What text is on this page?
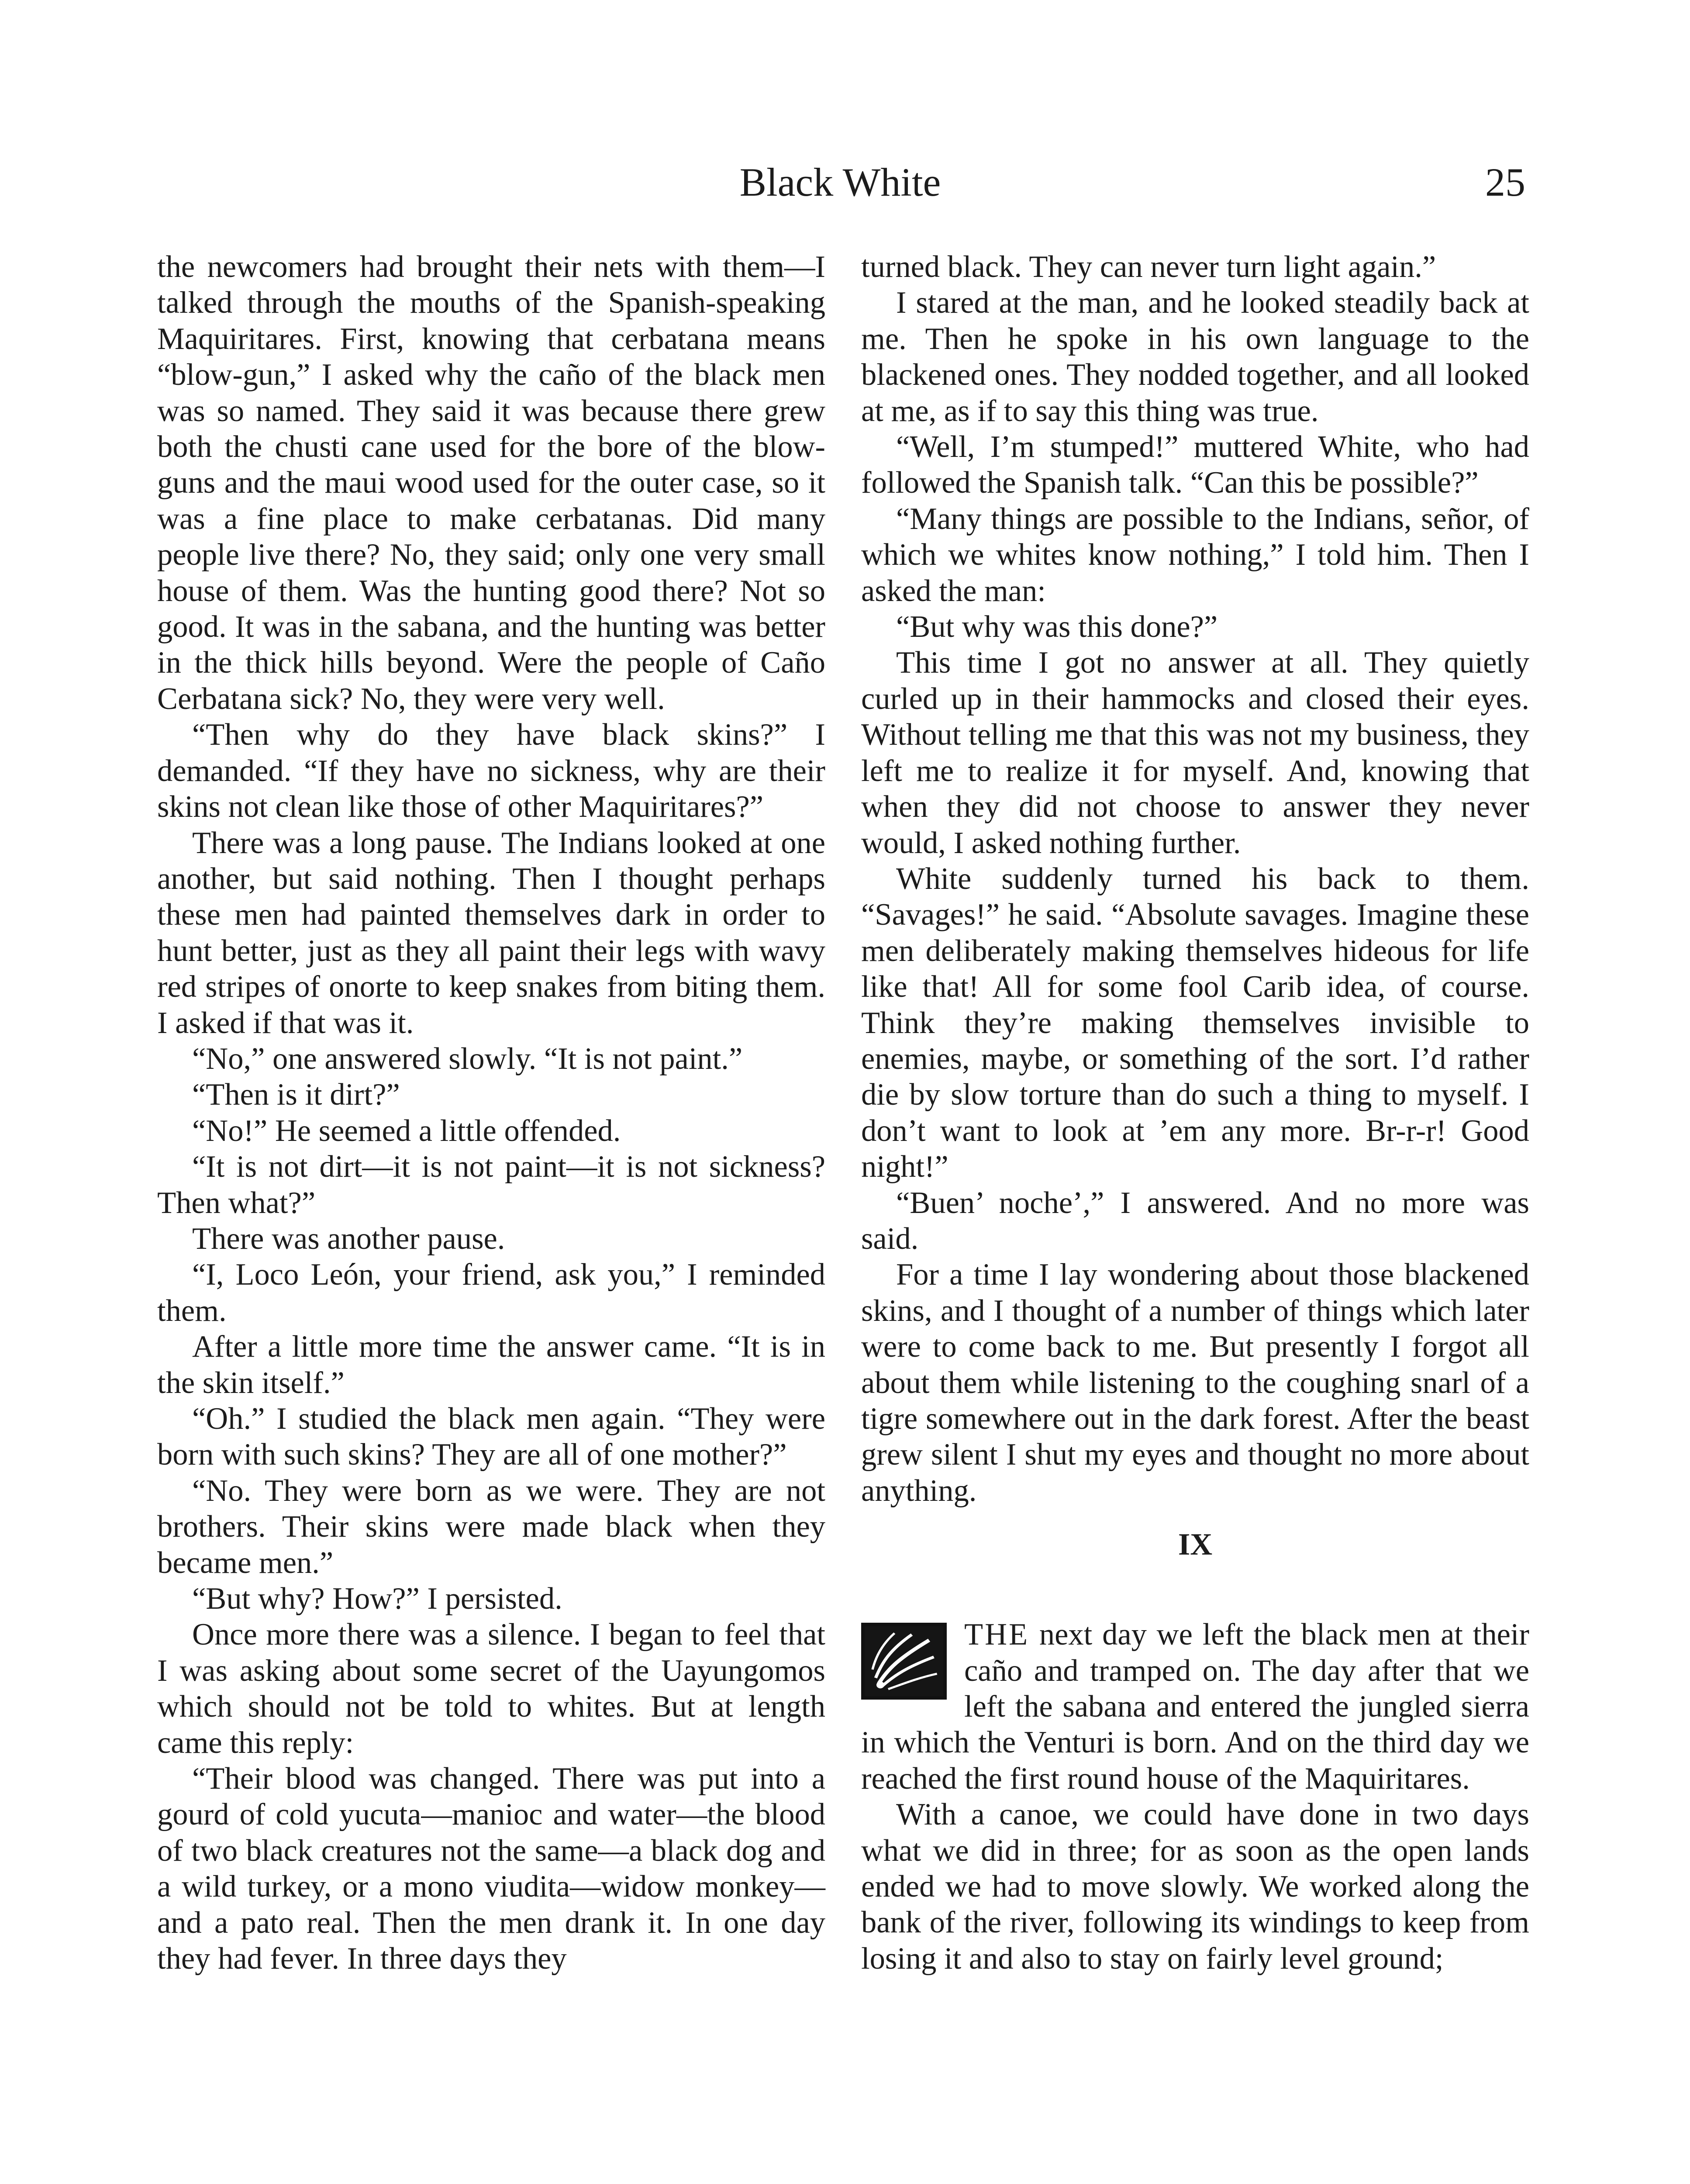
Black White	25

the newcomers had brought their nets with them—I talked through the mouths of the Spanish-speaking Maquiritares. First, knowing that cerbatana means “blow-gun,” I asked why the caño of the black men was so named. They said it was because there grew both the chusti cane used for the bore of the blow-guns and the maui wood used for the outer case, so it was a fine place to make cerbatanas. Did many people live there? No, they said; only one very small house of them. Was the hunting good there? Not so good. It was in the sabana, and the hunting was better in the thick hills beyond. Were the people of Caño Cerbatana sick? No, they were very well.

“Then why do they have black skins?” I demanded. “If they have no sickness, why are their skins not clean like those of other Maquiritares?”

There was a long pause. The Indians looked at one another, but said nothing. Then I thought perhaps these men had painted themselves dark in order to hunt better, just as they all paint their legs with wavy red stripes of onorte to keep snakes from biting them. I asked if that was it.

“No,” one answered slowly. “It is not paint.”

“Then is it dirt?”

“No!” He seemed a little offended.

“It is not dirt—it is not paint—it is not sickness? Then what?”

There was another pause.

“I, Loco León, your friend, ask you,” I reminded them.

After a little more time the answer came. “It is in the skin itself.”

“Oh.” I studied the black men again. “They were born with such skins? They are all of one mother?”

“No. They were born as we were. They are not brothers. Their skins were made black when they became men.”

“But why? How?” I persisted.

Once more there was a silence. I began to feel that I was asking about some secret of the Uayungomos which should not be told to whites. But at length came this reply:

“Their blood was changed. There was put into a gourd of cold yucuta—manioc and water—the blood of two black creatures not the same—a black dog and a wild turkey, or a mono viudita—widow monkey—and a pato real. Then the men drank it. In one day they had fever. In three days they

turned black. They can never turn light again.”

I stared at the man, and he looked steadily back at me. Then he spoke in his own language to the blackened ones. They nodded together, and all looked at me, as if to say this thing was true.

“Well, I’m stumped!” muttered White, who had followed the Spanish talk. “Can this be possible?”

“Many things are possible to the Indians, señor, of which we whites know nothing,” I told him. Then I asked the man:

“But why was this done?”

This time I got no answer at all. They quietly curled up in their hammocks and closed their eyes. Without telling me that this was not my business, they left me to realize it for myself. And, knowing that when they did not choose to answer they never would, I asked nothing further.

White suddenly turned his back to them. “Savages!” he said. “Absolute savages. Imagine these men deliberately making themselves hideous for life like that! All for some fool Carib idea, of course. Think they’re making themselves invisible to enemies, maybe, or something of the sort. I’d rather die by slow torture than do such a thing to myself. I don’t want to look at ’em any more. Br-r-r! Good night!”

“Buen’ noche’,” I answered. And no more was said.

For a time I lay wondering about those blackened skins, and I thought of a number of things which later were to come back to me. But presently I forgot all about them while listening to the coughing snarl of a tigre somewhere out in the dark forest. After the beast grew silent I shut my eyes and thought no more about anything.

IX

THE next day we left the black men at their caño and tramped on. The day after that we left the sabana and entered the jungled sierra in which the Venturi is born. And on the third day we reached the first round house of the Maquiritares.

With a canoe, we could have done in two days what we did in three; for as soon as the open lands ended we had to move slowly. We worked along the bank of the river, following its windings to keep from losing it and also to stay on fairly level ground;
